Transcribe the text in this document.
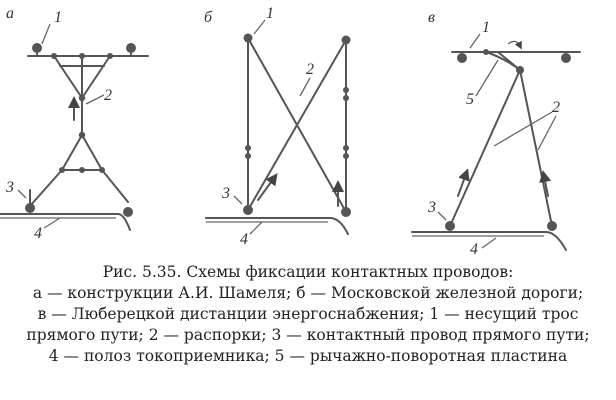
а	1
2
3
4
б	1
2
3
4
в
1
5	2
3
4
Рис. 5.35. Схемы фиксации контактных проводов:
а — конструкции А.И. Шамеля; б — Московской железной дороги;
в — Люберецкой дистанции энергоснабжения; 1 — несущий трос
прямого пути; 2 — распорки; 3 — контактный провод прямого пути;
4 — полоз токоприемника; 5 — рычажно-поворотная пластина
